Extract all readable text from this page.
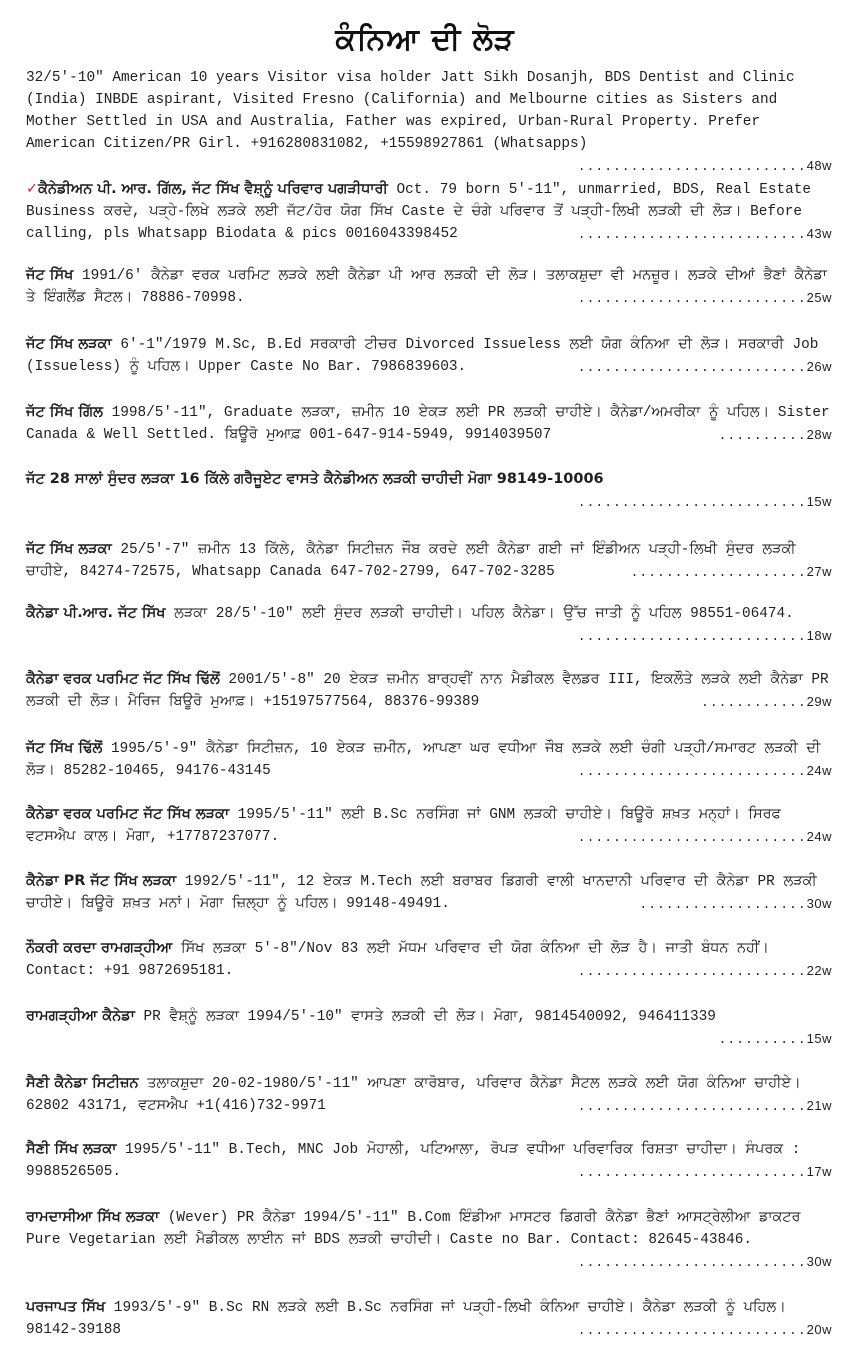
ਕੰਨਿਆ ਦੀ ਲੋੜ
32/5'-10" American 10 years Visitor visa holder Jatt Sikh Dosanjh, BDS Dentist and Clinic (India) INBDE aspirant, Visited Fresno (California) and Melbourne cities as Sisters and Mother Settled in USA and Australia, Father was expired, Urban-Rural Property. Prefer American Citizen/PR Girl. +916280831082, +15598927861 (Whatsapps)
..........................48w
✓ਕੈਨੇਡੀਅਨ ਪੀ. ਆਰ. ਗਿੱਲ, ਜੱਟ ਸਿੱਖ ਵੈਸ਼੍ਨੂੰ ਪਰਿਵਾਰ ਪਗੜੀਧਾਰੀ Oct. 79 born 5'-11", unmarried, BDS, Real Estate Business ਕਰਦੇ, ਪੜ੍ਹੇ-ਲਿਖੇ ਲੜਕੇ ਲਈ ਜੱਟ/ਹੋਰ ਯੋਗ ਸਿੱਖ Caste ਦੇ ਚੰਗੇ ਪਰਿਵਾਰ ਤੋਂ ਪੜ੍ਹੀ-ਲਿਖੀ ਲੜਕੀ ਦੀ ਲੋੜ। Before calling, pls Whatsapp Biodata & pics 0016043398452	..........................43w
ਜੱਟ ਸਿੱਖ 1991/6' ਕੈਨੇਡਾ ਵਰਕ ਪਰਮਿਟ ਲੜਕੇ ਲਈ ਕੈਨੇਡਾ ਪੀ ਆਰ ਲੜਕੀ ਦੀ ਲੋੜ। ਤਲਾਕਸ਼ੁਦਾ ਵੀ ਮਨਜ਼ੂਰ। ਲੜਕੇ ਦੀਆਂ ਭੈਣਾਂ ਕੈਨੇਡਾ ਤੇ ਇੰਗਲੈਂਡ ਸੈਟਲ। 78886-70998.	..........................25w
ਜੱਟ ਸਿੱਖ ਲੜਕਾ 6'-1"/1979 M.Sc, B.Ed ਸਰਕਾਰੀ ਟੀਚਰ Divorced Issueless ਲਈ ਯੋਗ ਕੰਨਿਆ ਦੀ ਲੋੜ। ਸਰਕਾਰੀ Job (Issueless) ਨੂੰ ਪਹਿਲ। Upper Caste No Bar. 7986839603.	..........................26w
ਜੱਟ ਸਿੱਖ ਗਿੱਲ 1998/5'-11", Graduate ਲੜਕਾ, ਜ਼ਮੀਨ 10 ਏਕੜ ਲਈ PR ਲੜਕੀ ਚਾਹੀਏ। ਕੈਨੇਡਾ/ਅਮਰੀਕਾ ਨੂੰ ਪਹਿਲ। Sister Canada & Well Settled. ਬਿਊਰੋ ਮੁਆਫ਼ 001-647-914-5949, 9914039507	..........28w
ਜੱਟ 28 ਸਾਲਾਂ ਸੁੰਦਰ ਲੜਕਾ 16 ਕਿੱਲੇ ਗਰੈਜੂਏਟ ਵਾਸਤੇ ਕੈਨੇਡੀਅਨ ਲੜਕੀ ਚਾਹੀਦੀ ਮੋਗਾ 98149-10006
..........................15w
ਜੱਟ ਸਿੱਖ ਲੜਕਾ 25/5'-7" ਜ਼ਮੀਨ 13 ਕਿੱਲੇ, ਕੈਨੇਡਾ ਸਿਟੀਜ਼ਨ ਜੌਬ ਕਰਦੇ ਲਈ ਕੈਨੇਡਾ ਗਈ ਜਾਂ ਇੰਡੀਅਨ ਪੜ੍ਹੀ-ਲਿਖੀ ਸੁੰਦਰ ਲੜਕੀ ਚਾਹੀਏ, 84274-72575, Whatsapp Canada 647-702-2799, 647-702-3285	....................27w
ਕੈਨੇਡਾ ਪੀ.ਆਰ. ਜੱਟ ਸਿੱਖ ਲੜਕਾ 28/5'-10" ਲਈ ਸੁੰਦਰ ਲੜਕੀ ਚਾਹੀਦੀ। ਪਹਿਲ ਕੈਨੇਡਾ। ਉੱਚ ਜਾਤੀ ਨੂੰ ਪਹਿਲ 98551-06474.
..........................18w
ਕੈਨੇਡਾ ਵਰਕ ਪਰਮਿਟ ਜੱਟ ਸਿੱਖ ਢਿੱਲੋਂ 2001/5'-8" 20 ਏਕੜ ਜ਼ਮੀਨ ਬਾਰ੍ਹਵੀਂ ਨਾਨ ਮੈਡੀਕਲ ਵੈਲਡਰ III, ਇਕਲੌਤੇ ਲੜਕੇ ਲਈ ਕੈਨੇਡਾ PR ਲੜਕੀ ਦੀ ਲੋੜ। ਮੈਰਿਜ ਬਿਊਰੋ ਮੁਆਫ਼। +15197577564, 88376-99389	............29w
ਜੱਟ ਸਿੱਖ ਢਿੱਲੋਂ 1995/5'-9" ਕੈਨੇਡਾ ਸਿਟੀਜ਼ਨ, 10 ਏਕੜ ਜ਼ਮੀਨ, ਆਪਣਾ ਘਰ ਵਧੀਆ ਜੌਬ ਲੜਕੇ ਲਈ ਚੰਗੀ ਪੜ੍ਹੀ/ਸਮਾਰਟ ਲੜਕੀ ਦੀ ਲੋੜ। 85282-10465, 94176-43145	..........................24w
ਕੈਨੇਡਾ ਵਰਕ ਪਰਮਿਟ ਜੱਟ ਸਿੱਖ ਲੜਕਾ 1995/5'-11" ਲਈ B.Sc ਨਰਸਿੰਗ ਜਾਂ GNM ਲੜਕੀ ਚਾਹੀਏ। ਬਿਊਰੋ ਸ਼ਖ਼ਤ ਮਨ੍ਹਾਂ। ਸਿਰਫ ਵਟਸਐਪ ਕਾਲ। ਮੋਗਾ, +17787237077.	..........................24w
ਕੈਨੇਡਾ PR ਜੱਟ ਸਿੱਖ ਲੜਕਾ 1992/5'-11", 12 ਏਕੜ M.Tech ਲਈ ਬਰਾਬਰ ਡਿਗਰੀ ਵਾਲੀ ਖਾਨਦਾਨੀ ਪਰਿਵਾਰ ਦੀ ਕੈਨੇਡਾ PR ਲੜਕੀ ਚਾਹੀਏ। ਬਿਊਰੋ ਸ਼ਖ਼ਤ ਮਨਾਂ। ਮੋਗਾ ਜ਼ਿਲ੍ਹਾ ਨੂੰ ਪਹਿਲ। 99148-49491.	...................30w
ਨੌਕਰੀ ਕਰਦਾ ਰਾਮਗੜ੍ਹੀਆ ਸਿੱਖ ਲੜਕਾ 5'-8"/Nov 83 ਲਈ ਮੱਧਮ ਪਰਿਵਾਰ ਦੀ ਯੋਗ ਕੰਨਿਆ ਦੀ ਲੋੜ ਹੈ। ਜਾਤੀ ਬੰਧਨ ਨਹੀਂ। Contact: +91 9872695181.	..........................22w
ਰਾਮਗੜ੍ਹੀਆ ਕੈਨੇਡਾ PR ਵੈਸ਼੍ਨੂੰ ਲੜਕਾ 1994/5'-10" ਵਾਸਤੇ ਲੜਕੀ ਦੀ ਲੋੜ। ਮੋਗਾ, 9814540092, 946411339
..........15w
ਸੈਣੀ ਕੈਨੇਡਾ ਸਿਟੀਜ਼ਨ ਤਲਾਕਸ਼ੁਦਾ 20-02-1980/5'-11" ਆਪਣਾ ਕਾਰੋਬਾਰ, ਪਰਿਵਾਰ ਕੈਨੇਡਾ ਸੈਟਲ ਲੜਕੇ ਲਈ ਯੋਗ ਕੰਨਿਆ ਚਾਹੀਏ। 62802 43171, ਵਟਸਐਪ +1(416)732-9971	..........................21w
ਸੈਣੀ ਸਿੱਖ ਲੜਕਾ 1995/5'-11" B.Tech, MNC Job ਮੋਹਾਲੀ, ਪਟਿਆਲਾ, ਰੋਪੜ ਵਧੀਆ ਪਰਿਵਾਰਿਕ ਰਿਸ਼ਤਾ ਚਾਹੀਦਾ। ਸੰਪਰਕ : 9988526505.	..........................17w
ਰਾਮਦਾਸੀਆ ਸਿੱਖ ਲੜਕਾ (Wever) PR ਕੈਨੇਡਾ 1994/5'-11" B.Com ਇੰਡੀਆ ਮਾਸਟਰ ਡਿਗਰੀ ਕੈਨੇਡਾ ਭੈਣਾਂ ਆਸਟ੍ਰੇਲੀਆ ਡਾਕਟਰ Pure Vegetarian ਲਈ ਮੈਡੀਕਲ ਲਾਈਨ ਜਾਂ BDS ਲੜਕੀ ਚਾਹੀਦੀ। Caste no Bar. Contact: 82645-43846.
..........................30w
ਪਰਜਾਪਤ ਸਿੱਖ 1993/5'-9" B.Sc RN ਲੜਕੇ ਲਈ B.Sc ਨਰਸਿੰਗ ਜਾਂ ਪੜ੍ਹੀ-ਲਿਖੀ ਕੰਨਿਆ ਚਾਹੀਏ। ਕੈਨੇਡਾ ਲੜਕੀ ਨੂੰ ਪਹਿਲ। 98142-39188	..........................20w
